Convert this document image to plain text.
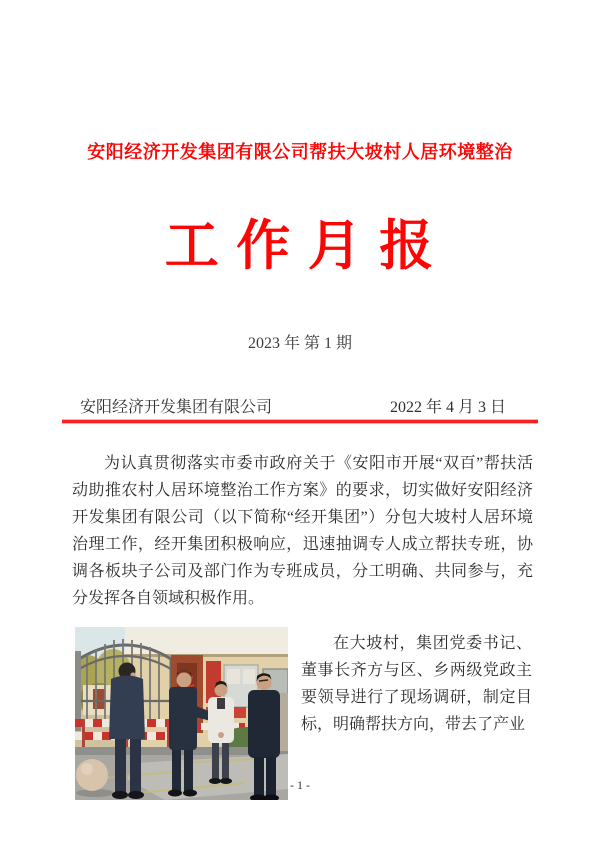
安阳经济开发集团有限公司帮扶大坡村人居环境整治
工 作 月 报
2023 年 第 1 期
安阳经济开发集团有限公司	2022 年 4 月 3 日
为认真贯彻落实市委市政府关于《安阳市开展“双百”帮扶活动助推农村人居环境整治工作方案》的要求，切实做好安阳经济开发集团有限公司（以下简称“经开集团”）分包大坡村人居环境治理工作，经开集团积极响应，迅速抽调专人成立帮扶专班，协调各板块子公司及部门作为专班成员，分工明确、共同参与，充分发挥各自领域积极作用。
在大坡村，集团党委书记、董事长齐方与区、乡两级党政主要领导进行了现场调研，制定目标，明确帮扶方向，带去了产业
- 1 -
